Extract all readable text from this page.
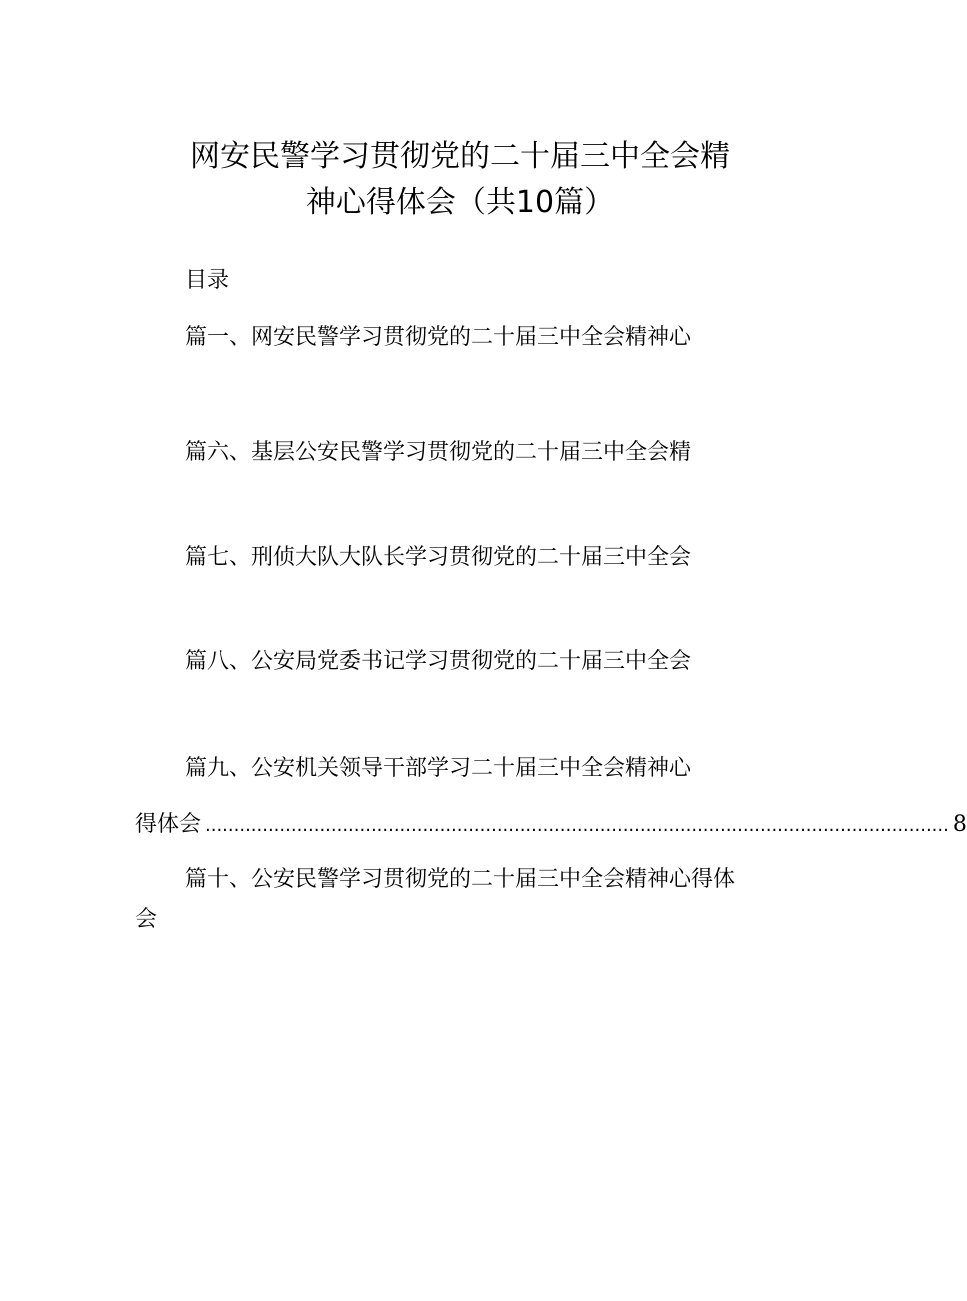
网安民警学习贯彻党的二十届三中全会精
神心得体会（共10篇）
目录
篇一、网安民警学习贯彻党的二十届三中全会精神心
篇六、基层公安民警学习贯彻党的二十届三中全会精
篇七、刑侦大队大队长学习贯彻党的二十届三中全会
篇八、公安局党委书记学习贯彻党的二十届三中全会
篇九、公安机关领导干部学习二十届三中全会精神心
得体会 .................................................................................................................................. 8
篇十、公安民警学习贯彻党的二十届三中全会精神心得体
会
